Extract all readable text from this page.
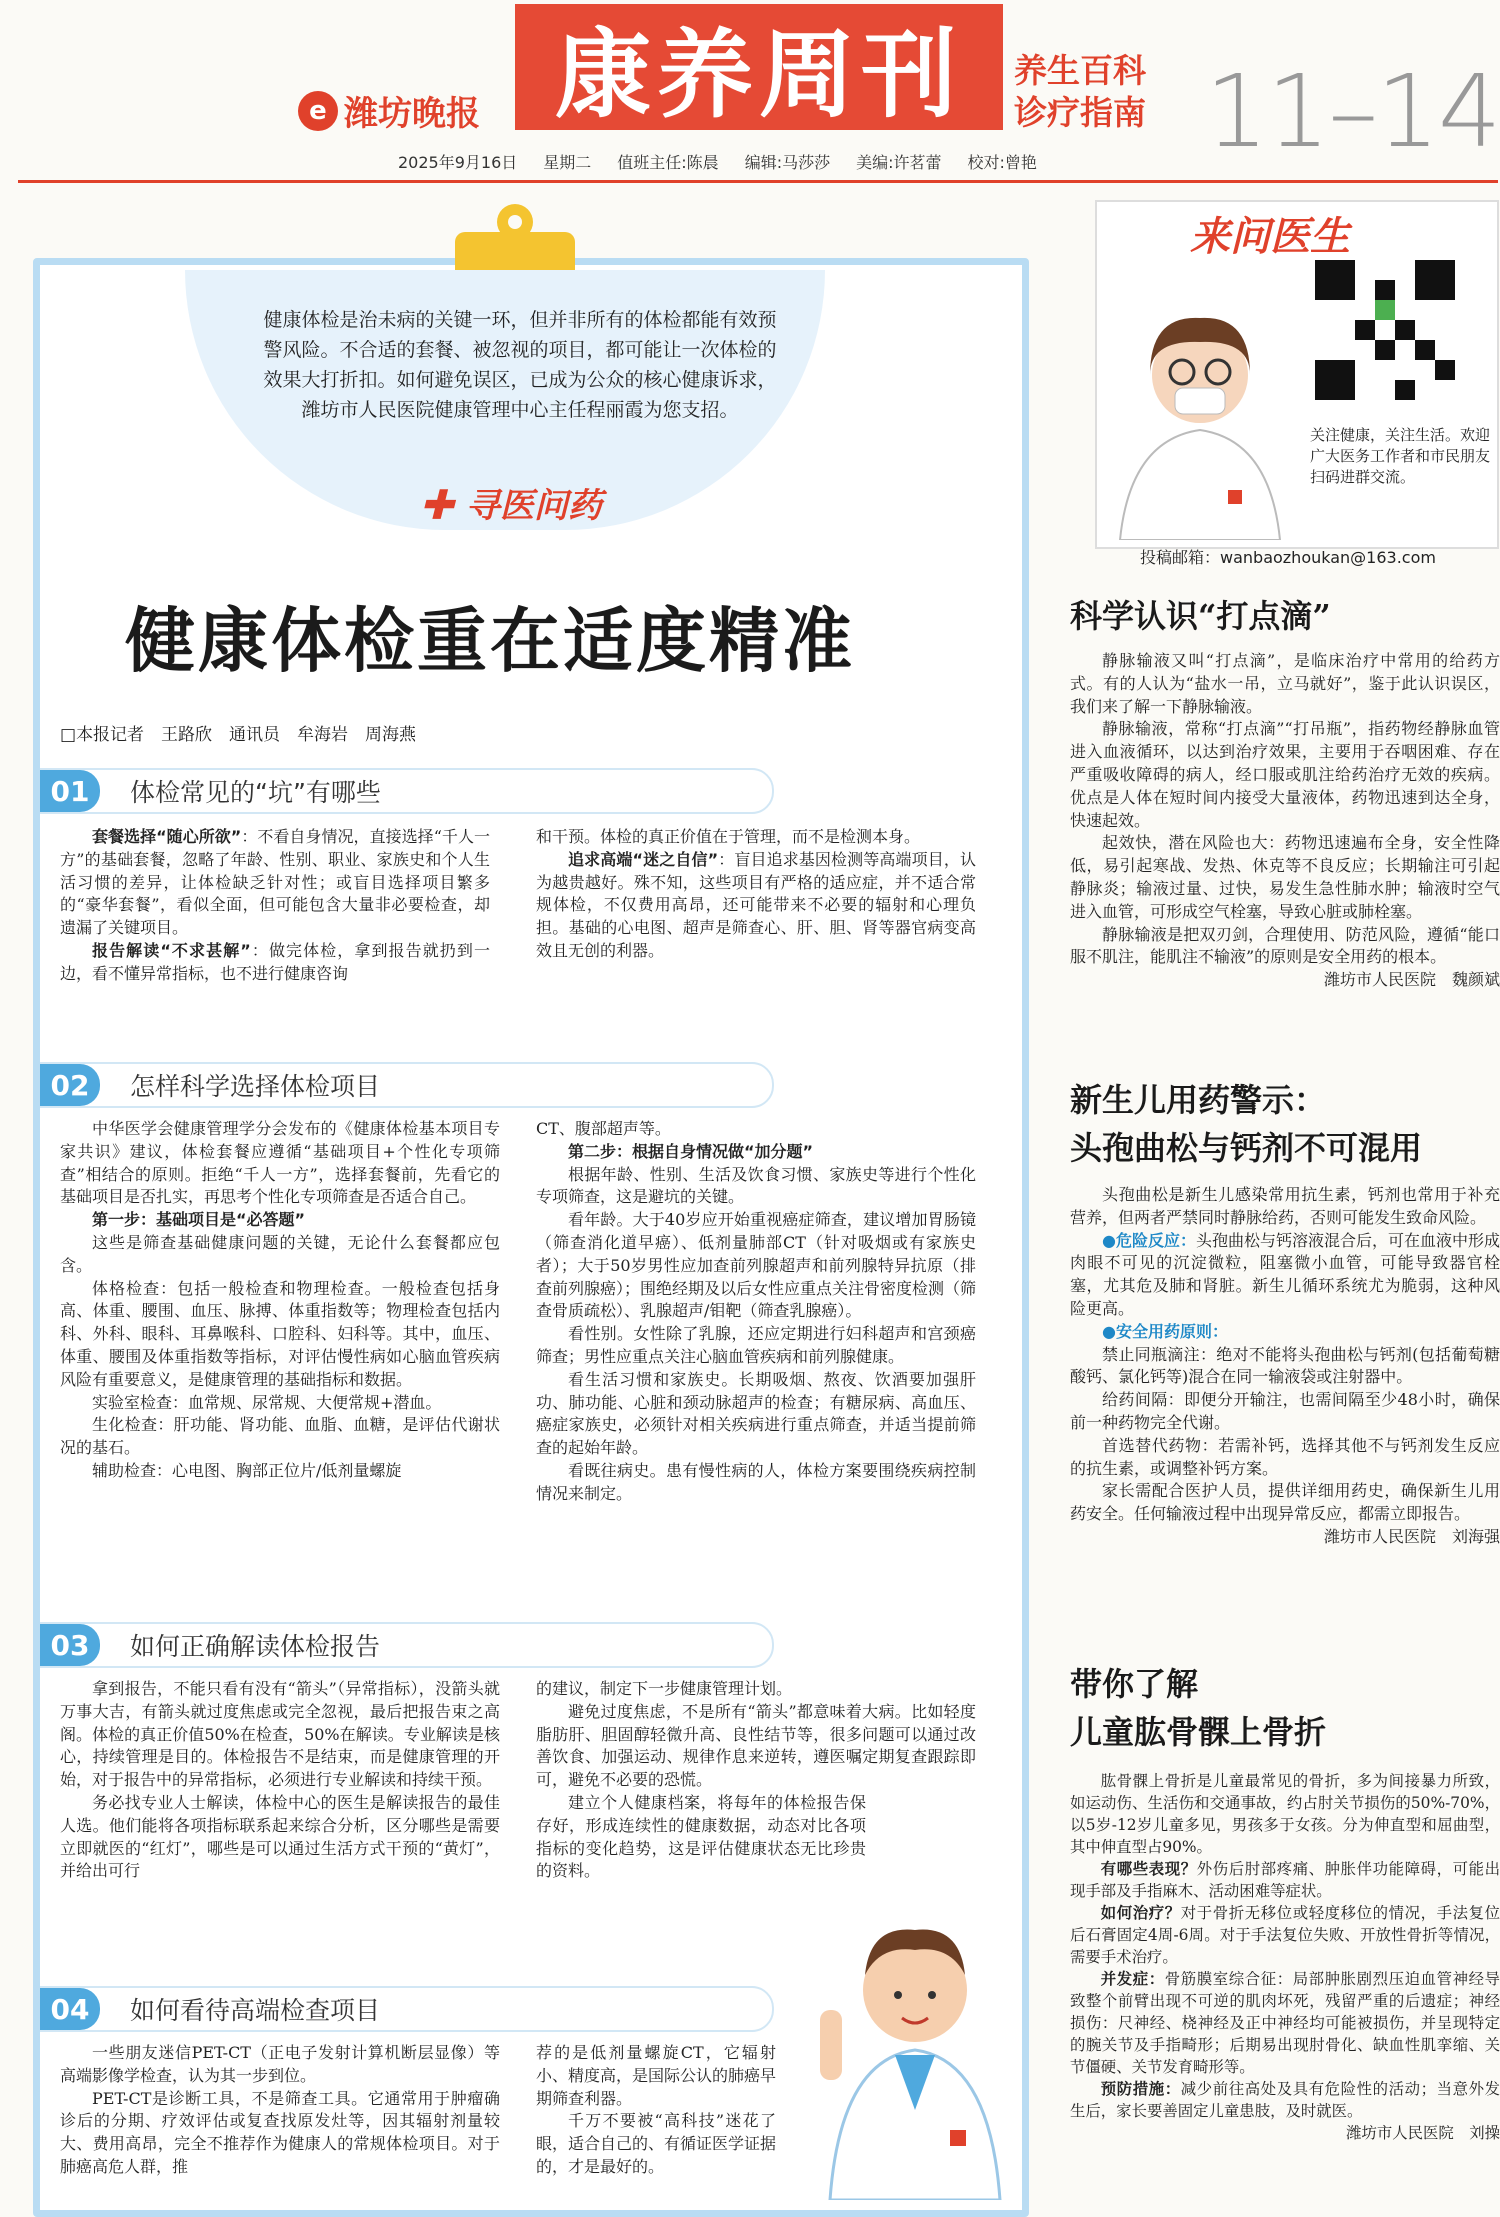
e 潍坊晚报 康养周刊	养生百科
诊疗指南 11–14
2025年9月16日 星期二 值班主任:陈晨 编辑:马莎莎 美编:许茗蕾 校对:曾艳
健康体检是治未病的关键一环，但并非所有的体检都能有效预警风险。不合适的套餐、被忽视的项目，都可能让一次体检的效果大打折扣。如何避免误区，已成为公众的核心健康诉求，潍坊市人民医院健康管理中心主任程丽霞为您支招。
✚ 寻医问药
健康体检重在适度精准
□本报记者　王路欣　通讯员　牟海岩　周海燕
01	体检常见的“坑”有哪些

套餐选择“随心所欲”：不看自身情况，直接选择“千人一方”的基础套餐，忽略了年龄、性别、职业、家族史和个人生活习惯的差异，让体检缺乏针对性；或盲目选择项目繁多的“豪华套餐”，看似全面，但可能包含大量非必要检查，却遗漏了关键项目。

报告解读“不求甚解”：做完体检，拿到报告就扔到一边，看不懂异常指标，也不进行健康咨询

和干预。体检的真正价值在于管理，而不是检测本身。

追求高端“迷之自信”：盲目追求基因检测等高端项目，认为越贵越好。殊不知，这些项目有严格的适应症，并不适合常规体检，不仅费用高昂，还可能带来不必要的辐射和心理负担。基础的心电图、超声是筛查心、肝、胆、肾等器官病变高效且无创的利器。

02	怎样科学选择体检项目

中华医学会健康管理学分会发布的《健康体检基本项目专家共识》建议，体检套餐应遵循“基础项目+个性化专项筛查”相结合的原则。拒绝“千人一方”，选择套餐前，先看它的基础项目是否扎实，再思考个性化专项筛查是否适合自己。

第一步：基础项目是“必答题”

这些是筛查基础健康问题的关键，无论什么套餐都应包含。

体格检查：包括一般检查和物理检查。一般检查包括身高、体重、腰围、血压、脉搏、体重指数等；物理检查包括内科、外科、眼科、耳鼻喉科、口腔科、妇科等。其中，血压、体重、腰围及体重指数等指标，对评估慢性病如心脑血管疾病风险有重要意义，是健康管理的基础指标和数据。

实验室检查：血常规、尿常规、大便常规+潜血。

生化检查：肝功能、肾功能、血脂、血糖，是评估代谢状况的基石。

辅助检查：心电图、胸部正位片/低剂量螺旋

CT、腹部超声等。

第二步：根据自身情况做“加分题”

根据年龄、性别、生活及饮食习惯、家族史等进行个性化专项筛查，这是避坑的关键。

看年龄。大于40岁应开始重视癌症筛查，建议增加胃肠镜（筛查消化道早癌）、低剂量肺部CT（针对吸烟或有家族史者）；大于50岁男性应加查前列腺超声和前列腺特异抗原（排查前列腺癌）；围绝经期及以后女性应重点关注骨密度检测（筛查骨质疏松）、乳腺超声/钼靶（筛查乳腺癌）。

看性别。女性除了乳腺，还应定期进行妇科超声和宫颈癌筛查；男性应重点关注心脑血管疾病和前列腺健康。

看生活习惯和家族史。长期吸烟、熬夜、饮酒要加强肝功、肺功能、心脏和颈动脉超声的检查；有糖尿病、高血压、癌症家族史，必须针对相关疾病进行重点筛查，并适当提前筛查的起始年龄。

看既往病史。患有慢性病的人，体检方案要围绕疾病控制情况来制定。

03	如何正确解读体检报告

拿到报告，不能只看有没有“箭头”（异常指标），没箭头就万事大吉，有箭头就过度焦虑或完全忽视，最后把报告束之高阁。体检的真正价值50%在检查，50%在解读。专业解读是核心，持续管理是目的。体检报告不是结束，而是健康管理的开始，对于报告中的异常指标，必须进行专业解读和持续干预。

务必找专业人士解读，体检中心的医生是解读报告的最佳人选。他们能将各项指标联系起来综合分析，区分哪些是需要立即就医的“红灯”，哪些是可以通过生活方式干预的“黄灯”，并给出可行

的建议，制定下一步健康管理计划。

避免过度焦虑，不是所有“箭头”都意味着大病。比如轻度脂肪肝、胆固醇轻微升高、良性结节等，很多问题可以通过改善饮食、加强运动、规律作息来逆转，遵医嘱定期复查跟踪即可，避免不必要的恐慌。

建立个人健康档案，将每年的体检报告保存好，形成连续性的健康数据，动态对比各项指标的变化趋势，这是评估健康状态无比珍贵的资料。

04	如何看待高端检查项目

一些朋友迷信PET-CT（正电子发射计算机断层显像）等高端影像学检查，认为其一步到位。

PET-CT是诊断工具，不是筛查工具。它通常用于肿瘤确诊后的分期、疗效评估或复查找原发灶等，因其辐射剂量较大、费用高昂，完全不推荐作为健康人的常规体检项目。对于肺癌高危人群，推

荐的是低剂量螺旋CT，它辐射小、精度高，是国际公认的肺癌早期筛查利器。

千万不要被“高科技”迷花了眼，适合自己的、有循证医学证据的，才是最好的。

来问医生
关注健康，关注生活。欢迎广大医务工作者和市民朋友扫码进群交流。
投稿邮箱：wanbaozhoukan@163.com
科学认识“打点滴”

静脉输液又叫“打点滴”，是临床治疗中常用的给药方式。有的人认为“盐水一吊，立马就好”，鉴于此认识误区，我们来了解一下静脉输液。

静脉输液，常称“打点滴”“打吊瓶”，指药物经静脉血管进入血液循环，以达到治疗效果，主要用于吞咽困难、存在严重吸收障碍的病人，经口服或肌注给药治疗无效的疾病。优点是人体在短时间内接受大量液体，药物迅速到达全身，快速起效。

起效快，潜在风险也大：药物迅速遍布全身，安全性降低，易引起寒战、发热、休克等不良反应；长期输注可引起静脉炎；输液过量、过快，易发生急性肺水肿；输液时空气进入血管，可形成空气栓塞，导致心脏或肺栓塞。

静脉输液是把双刃剑，合理使用、防范风险，遵循“能口服不肌注，能肌注不输液”的原则是安全用药的根本。

潍坊市人民医院　魏颜斌
新生儿用药警示：
头孢曲松与钙剂不可混用

头孢曲松是新生儿感染常用抗生素，钙剂也常用于补充营养，但两者严禁同时静脉给药，否则可能发生致命风险。

●危险反应：头孢曲松与钙溶液混合后，可在血液中形成肉眼不可见的沉淀微粒，阻塞微小血管，可能导致器官栓塞，尤其危及肺和肾脏。新生儿循环系统尤为脆弱，这种风险更高。

●安全用药原则：

禁止同瓶滴注：绝对不能将头孢曲松与钙剂(包括葡萄糖酸钙、氯化钙等)混合在同一输液袋或注射器中。

给药间隔：即便分开输注，也需间隔至少48小时，确保前一种药物完全代谢。

首选替代药物：若需补钙，选择其他不与钙剂发生反应的抗生素，或调整补钙方案。

家长需配合医护人员，提供详细用药史，确保新生儿用药安全。任何输液过程中出现异常反应，都需立即报告。

潍坊市人民医院　刘海强
带你了解
儿童肱骨髁上骨折

肱骨髁上骨折是儿童最常见的骨折，多为间接暴力所致，如运动伤、生活伤和交通事故，约占肘关节损伤的50%-70%，以5岁-12岁儿童多见，男孩多于女孩。分为伸直型和屈曲型，其中伸直型占90%。

有哪些表现？外伤后肘部疼痛、肿胀伴功能障碍，可能出现手部及手指麻木、活动困难等症状。

如何治疗？对于骨折无移位或轻度移位的情况，手法复位后石膏固定4周-6周。对于手法复位失败、开放性骨折等情况，需要手术治疗。

并发症：骨筋膜室综合征：局部肿胀剧烈压迫血管神经导致整个前臂出现不可逆的肌肉坏死，残留严重的后遗症；神经损伤：尺神经、桡神经及正中神经均可能被损伤，并呈现特定的腕关节及手指畸形；后期易出现肘骨化、缺血性肌挛缩、关节僵硬、关节发育畸形等。

预防措施：减少前往高处及具有危险性的活动；当意外发生后，家长要善固定儿童患肢，及时就医。

潍坊市人民医院　刘操
